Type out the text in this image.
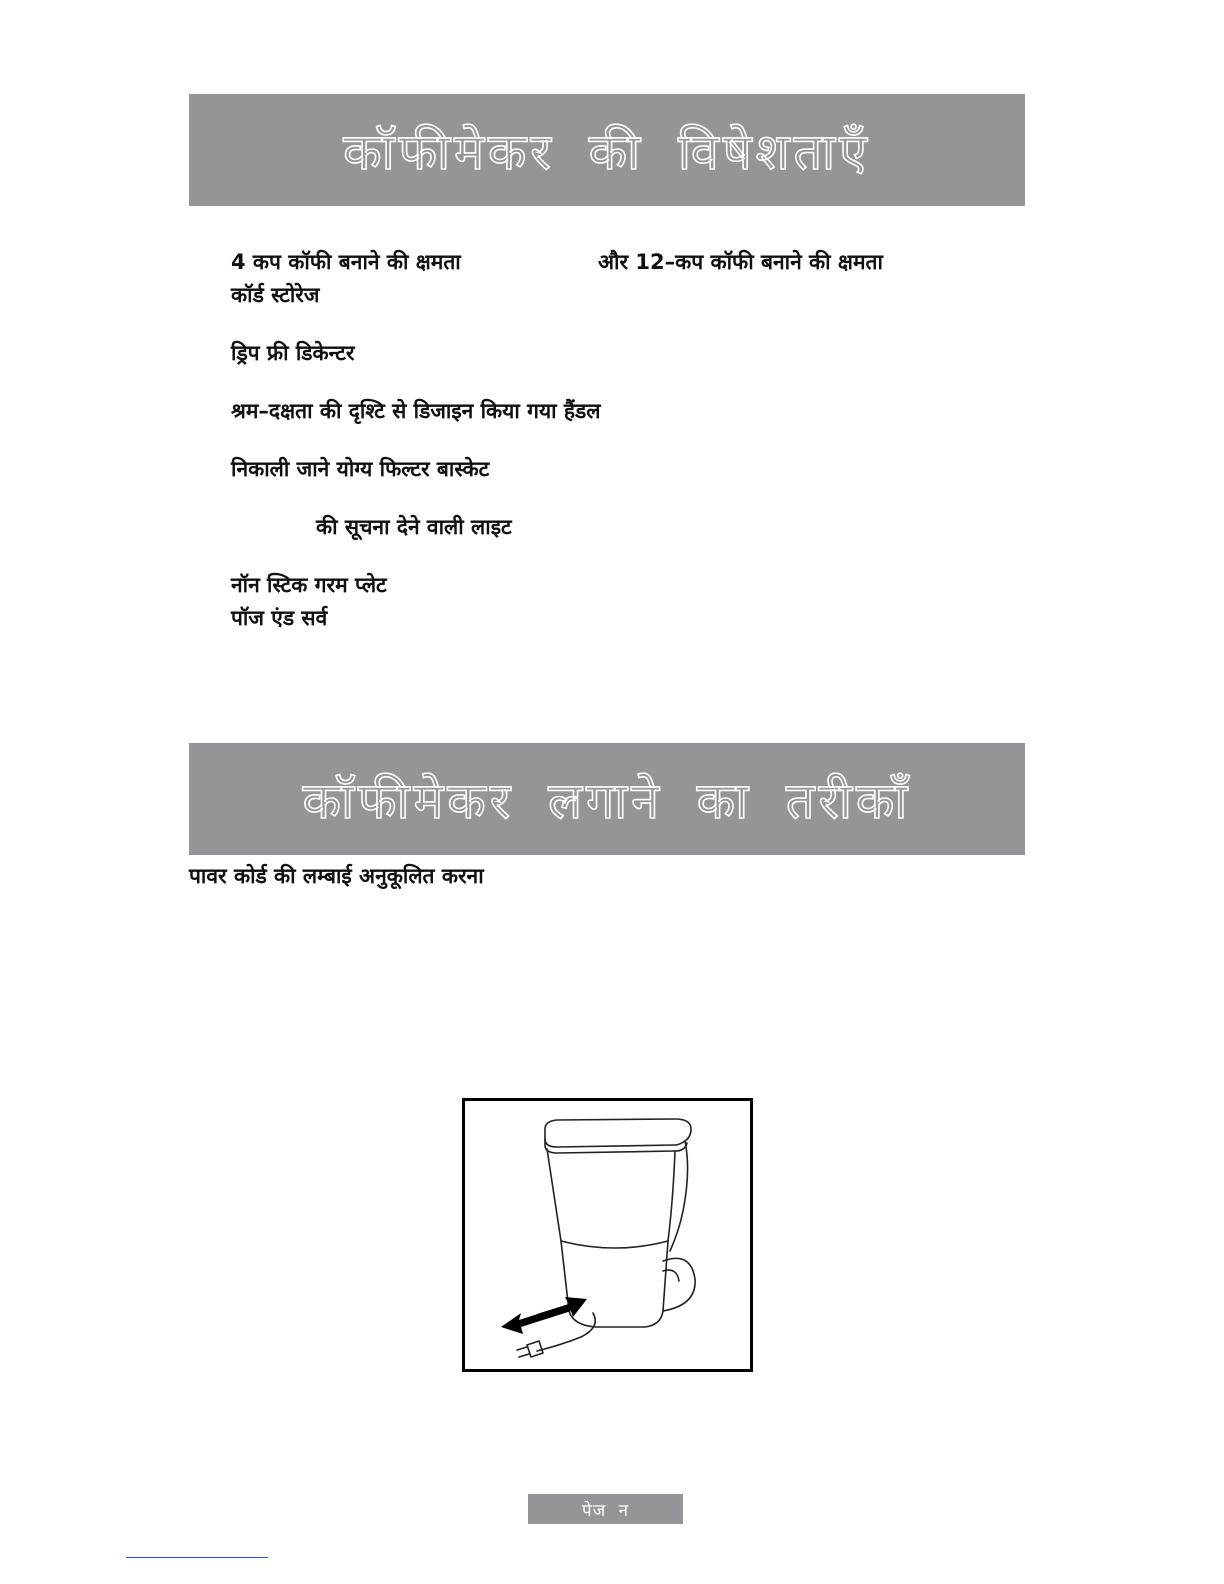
कॉफीमेकर की विषेशताएँ
4 कप कॉफी बनाने की क्षमता	और 12–कप कॉफी बनाने की क्षमता
कॉर्ड स्टोरेज
ड्रिप फ्री डिकेन्टर
श्रम–दक्षता की दृश्टि से डिजाइन किया गया हैंडल
निकाली जाने योग्य फिल्टर बास्केट
की सूचना देने वाली लाइट
नॉन स्टिक गरम प्लेट
पॉज एंड सर्व
कॉफीमेकर लगाने का तरीकाँ
पावर कोर्ड की लम्बाई अनुकूलित करना
पेज न
